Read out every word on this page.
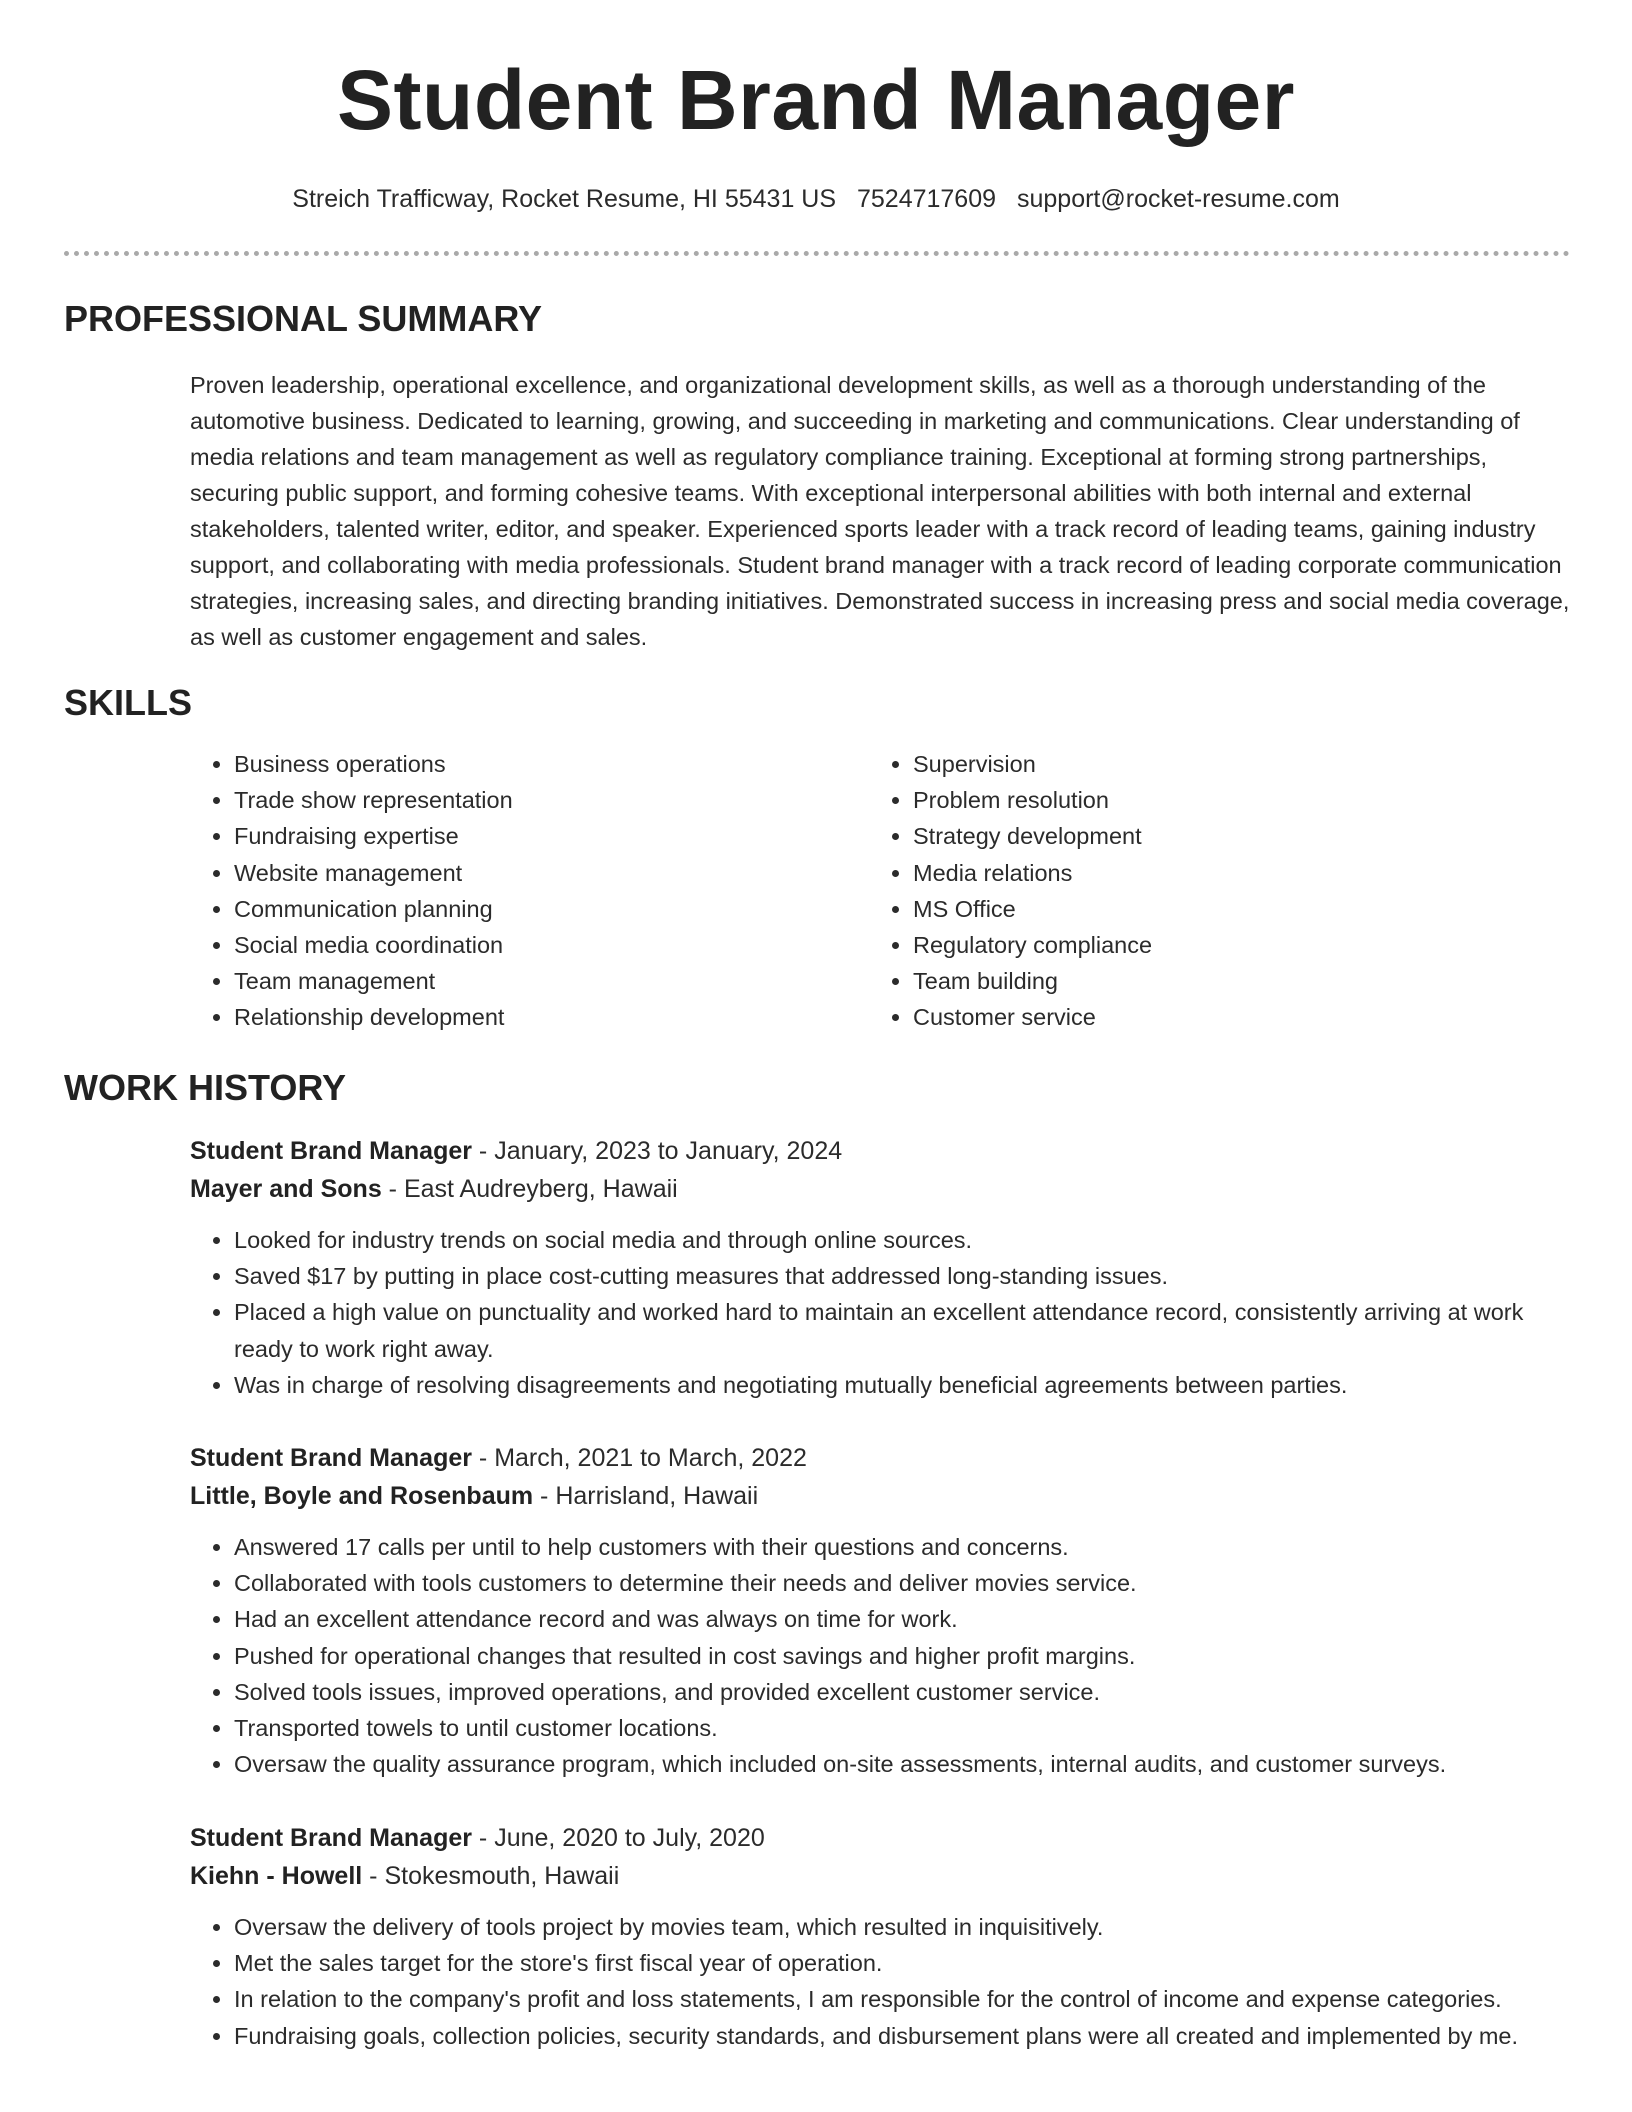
Student Brand Manager
Streich Trafficway, Rocket Resume, HI 55431 US 7524717609 support@rocket-resume.com
PROFESSIONAL SUMMARY

Proven leadership, operational excellence, and organizational development skills, as well as a thorough understanding of the automotive business. Dedicated to learning, growing, and succeeding in marketing and communications. Clear understanding of media relations and team management as well as regulatory compliance training. Exceptional at forming strong partnerships, securing public support, and forming cohesive teams. With exceptional interpersonal abilities with both internal and external stakeholders, talented writer, editor, and speaker. Experienced sports leader with a track record of leading teams, gaining industry support, and collaborating with media professionals. Student brand manager with a track record of leading corporate communication strategies, increasing sales, and directing branding initiatives. Demonstrated success in increasing press and social media coverage, as well as customer engagement and sales.

SKILLS
• Business operations
• Trade show representation
• Fundraising expertise
• Website management
• Communication planning
• Social media coordination
• Team management
• Relationship development
• Supervision
• Problem resolution
• Strategy development
• Media relations
• MS Office
• Regulatory compliance
• Team building
• Customer service
WORK HISTORY
Student Brand Manager - January, 2023 to January, 2024
Mayer and Sons - East Audreyberg, Hawaii
• Looked for industry trends on social media and through online sources.
• Saved $17 by putting in place cost-cutting measures that addressed long-standing issues.
• Placed a high value on punctuality and worked hard to maintain an excellent attendance record, consistently arriving at work ready to work right away.
• Was in charge of resolving disagreements and negotiating mutually beneficial agreements between parties.
Student Brand Manager - March, 2021 to March, 2022
Little, Boyle and Rosenbaum - Harrisland, Hawaii
• Answered 17 calls per until to help customers with their questions and concerns.
• Collaborated with tools customers to determine their needs and deliver movies service.
• Had an excellent attendance record and was always on time for work.
• Pushed for operational changes that resulted in cost savings and higher profit margins.
• Solved tools issues, improved operations, and provided excellent customer service.
• Transported towels to until customer locations.
• Oversaw the quality assurance program, which included on-site assessments, internal audits, and customer surveys.
Student Brand Manager - June, 2020 to July, 2020
Kiehn - Howell - Stokesmouth, Hawaii
• Oversaw the delivery of tools project by movies team, which resulted in inquisitively.
• Met the sales target for the store's first fiscal year of operation.
• In relation to the company's profit and loss statements, I am responsible for the control of income and expense categories.
• Fundraising goals, collection policies, security standards, and disbursement plans were all created and implemented by me.
